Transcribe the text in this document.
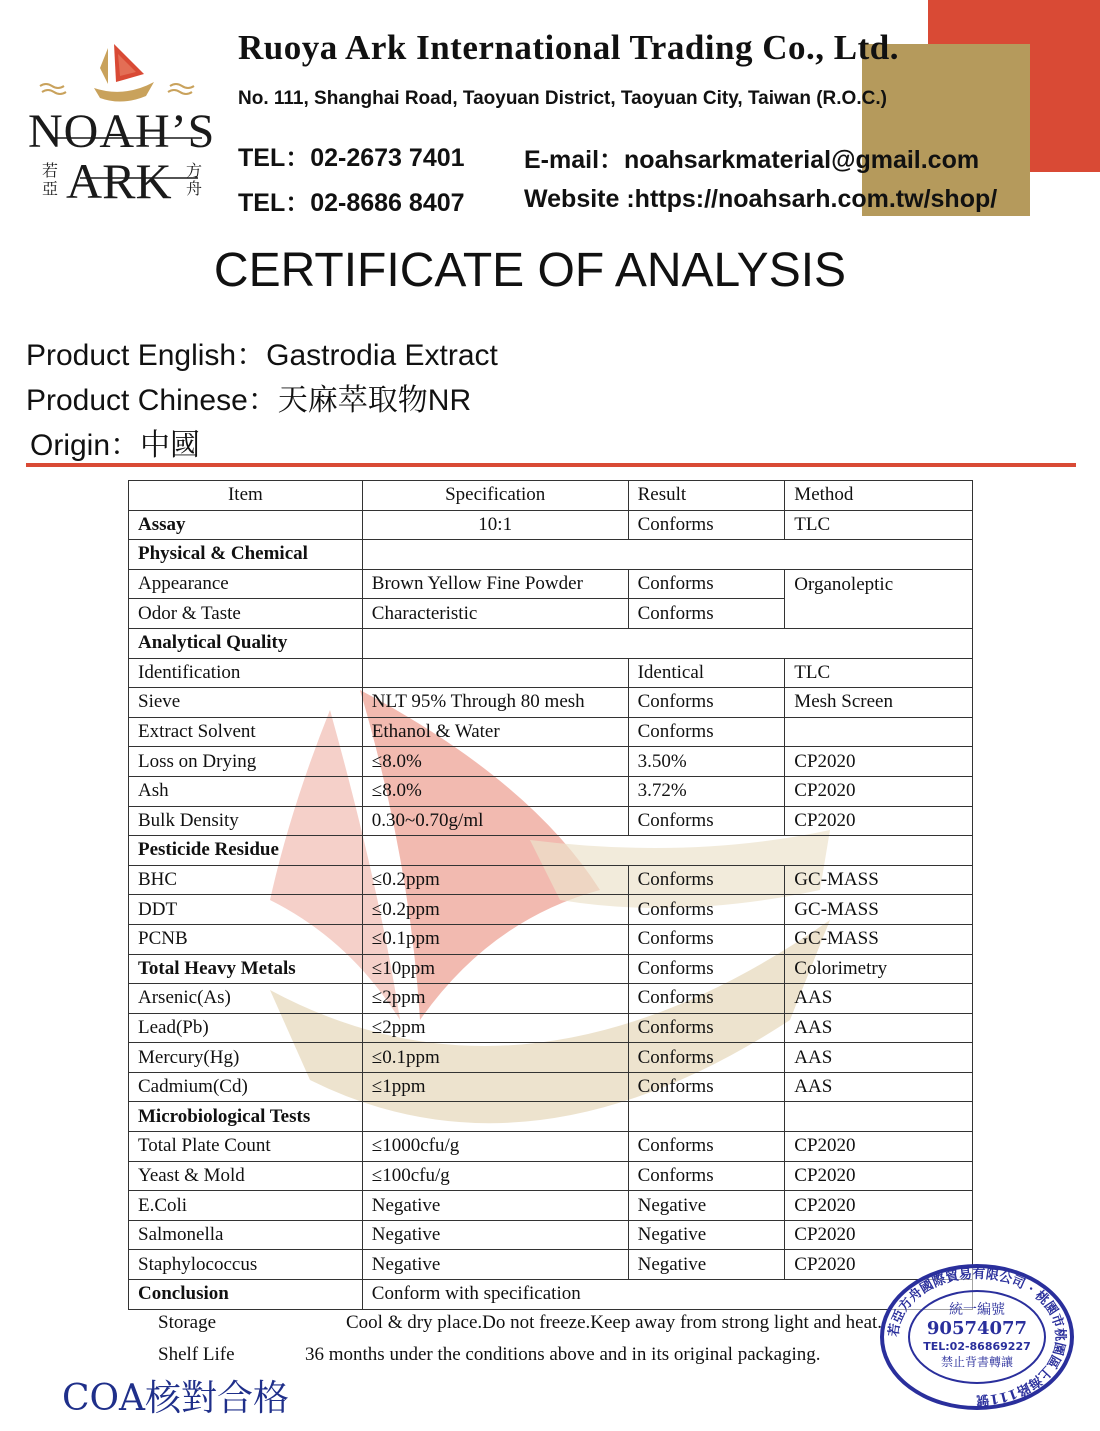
NOAH’S
ARK
若亞
方舟
Ruoya Ark International Trading Co., Ltd.
No. 111, Shanghai Road, Taoyuan District, Taoyuan City, Taiwan (R.O.C.)
TEL：02-2673 7401
TEL：02-8686 8407
E-mail：noahsarkmaterial@gmail.com
Website :https://noahsarh.com.tw/shop/
CERTIFICATE OF ANALYSIS
Product English：Gastrodia Extract
Product Chinese：天麻萃取物NR
Origin：中國
Item	Specification	Result	Method
Assay	10:1	Conforms	TLC
Physical & Chemical			
Appearance	Brown Yellow Fine Powder	Conforms	Organoleptic
Odor & Taste	Characteristic	Conforms	
Analytical Quality			
Identification		Identical	TLC
Sieve	NLT 95% Through 80 mesh	Conforms	Mesh Screen
Extract Solvent	Ethanol & Water	Conforms	
Loss on Drying	≤8.0%	3.50%	CP2020
Ash	≤8.0%	3.72%	CP2020
Bulk Density	0.30~0.70g/ml	Conforms	CP2020
Pesticide Residue			
BHC	≤0.2ppm	Conforms	GC-MASS
DDT	≤0.2ppm	Conforms	GC-MASS
PCNB	≤0.1ppm	Conforms	GC-MASS
Total Heavy Metals	≤10ppm	Conforms	Colorimetry
Arsenic(As)	≤2ppm	Conforms	AAS
Lead(Pb)	≤2ppm	Conforms	AAS
Mercury(Hg)	≤0.1ppm	Conforms	AAS
Cadmium(Cd)	≤1ppm	Conforms	AAS
Microbiological Tests			
Total Plate Count	≤1000cfu/g	Conforms	CP2020
Yeast & Mold	≤100cfu/g	Conforms	CP2020
E.Coli	Negative	Negative	CP2020
Salmonella	Negative	Negative	CP2020
Staphylococcus	Negative	Negative	CP2020
Conclusion	Conform with specification		
Storage	Cool & dry place.Do not freeze.Keep away from strong light and heat.
Shelf Life	36 months under the conditions above and in its original packaging.
COA核對合格
若亞方舟國際貿易有限公司 · 桃園市桃園區上海路111號
統一編號
90574077
TEL:02-86869227
禁止背書轉讓
